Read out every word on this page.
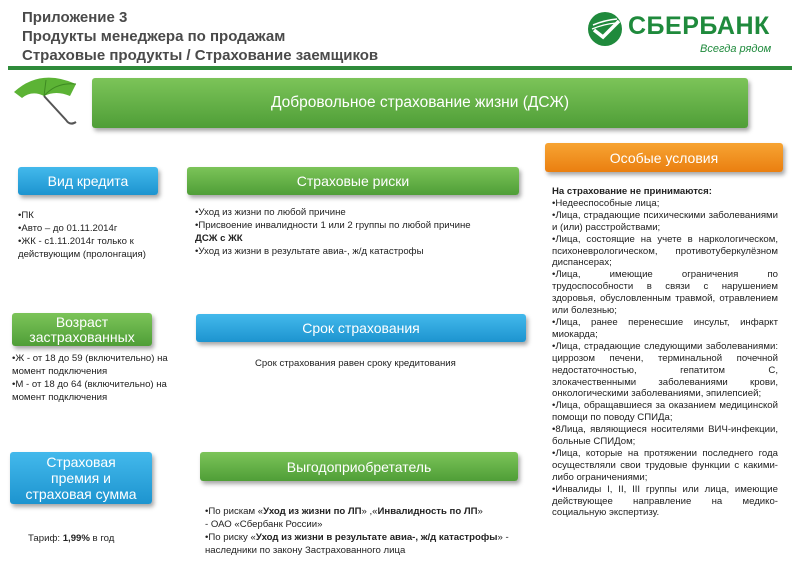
Приложение 3
Продукты менеджера по продажам
Страховые продукты / Страхование заемщиков
СБЕРБАНК
Всегда рядом
Добровольное страхование жизни (ДСЖ)
Вид кредита

•ПК

•Авто – до 01.11.2014г

•ЖК - с1.11.2014г только к действующим (пролонгация)

Страховые риски

•Уход из жизни по любой причине

•Присвоение инвалидности 1 или 2 группы по любой причине

ДСЖ с ЖК

•Уход из жизни в результате авиа-, ж/д катастрофы

Возраст застрахованных

•Ж - от 18 до 59 (включительно) на момент подключения

•М - от 18 до 64 (включительно) на момент подключения

Срок страхования
Срок страхования равен сроку кредитования
Страховая премия и страховая сумма
Тариф: 1,99% в год
Выгодоприобретатель

•По рискам «Уход из жизни по ЛП» ,«Инвалидность по ЛП»

- ОАО «Сбербанк России»

•По риску «Уход из жизни в результате авиа-, ж/д катастрофы» - наследники по закону Застрахованного лица

Особые условия

На страхование не принимаются:

•Недееспособные лица;

•Лица, страдающие психическими заболеваниями и (или) расстройствами;

•Лица, состоящие на учете в наркологическом, психоневрологическом, противотуберкулёзном диспансерах;

•Лица, имеющие ограничения по трудоспособности в связи с нарушением здоровья, обусловленным травмой, отравлением или болезнью;

•Лица, ранее перенесшие инсульт, инфаркт миокарда;

•Лица, страдающие следующими заболеваниями: циррозом печени, терминальной почечной недостаточностью, гепатитом С, злокачественными заболеваниями крови, онкологическими заболеваниями, эпилепсией;

•Лица, обращавшиеся за оказанием медицинской помощи по поводу СПИДа;

•8Лица, являющиеся носителями ВИЧ-инфекции, больные СПИДом;

•Лица, которые на протяжении последнего года осуществляли свои трудовые функции с какими-либо ограничениями;

•Инвалиды I, II, III группы или лица, имеющие действующее направление на медико-социальную экспертизу.
